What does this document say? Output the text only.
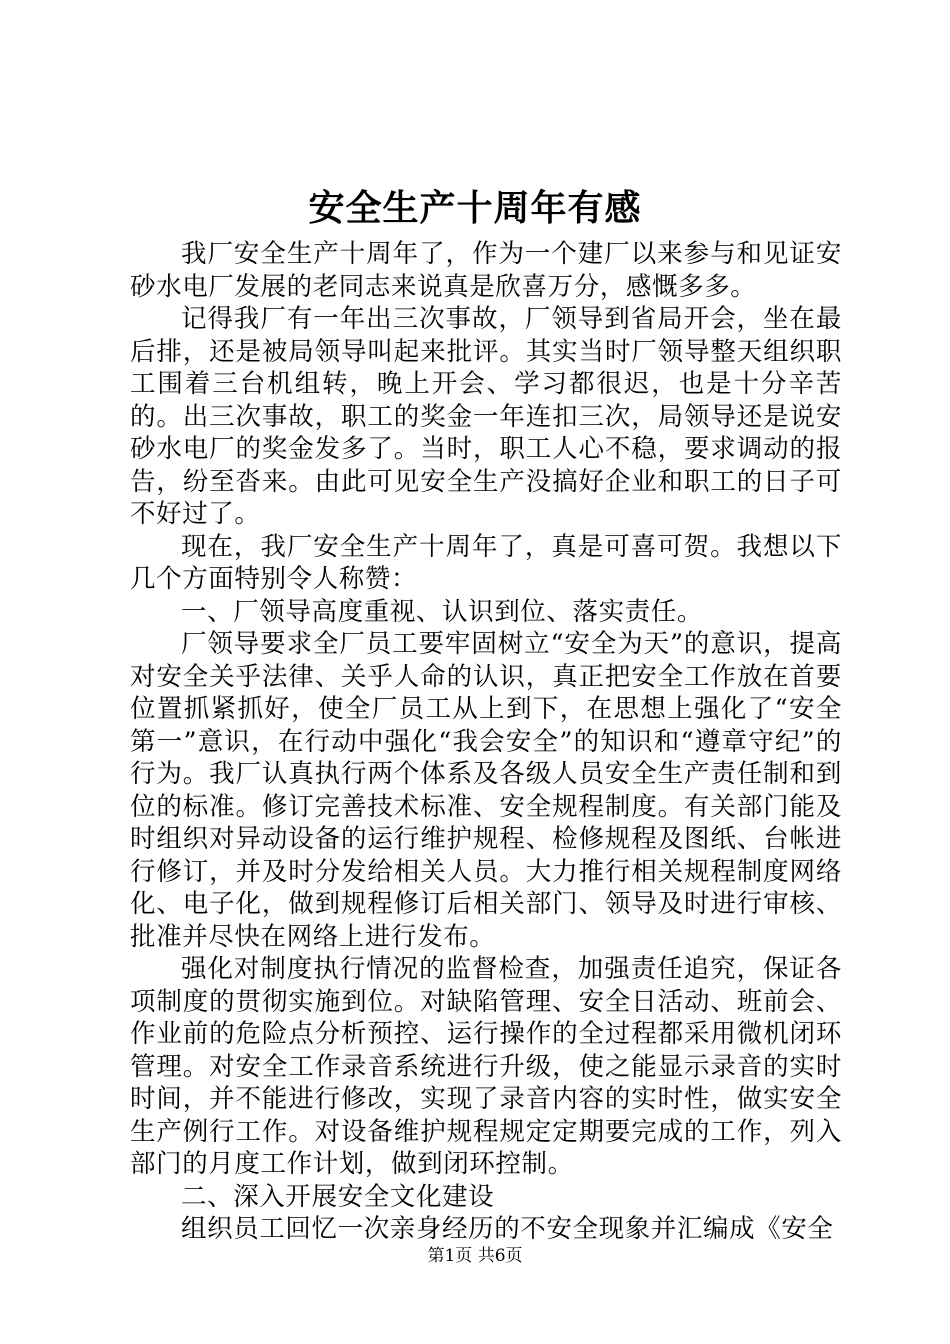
安全生产十周年有感

我厂安全生产十周年了，作为一个建厂以来参与和见证安砂水电厂发展的老同志来说真是欣喜万分，感慨多多。

记得我厂有一年出三次事故，厂领导到省局开会，坐在最后排，还是被局领导叫起来批评。其实当时厂领导整天组织职工围着三台机组转，晚上开会、学习都很迟，也是十分辛苦的。出三次事故，职工的奖金一年连扣三次，局领导还是说安砂水电厂的奖金发多了。当时，职工人心不稳，要求调动的报告，纷至沓来。由此可见安全生产没搞好企业和职工的日子可不好过了。

现在，我厂安全生产十周年了，真是可喜可贺。我想以下几个方面特别令人称赞：

一、厂领导高度重视、认识到位、落实责任。

厂领导要求全厂员工要牢固树立“安全为天”的意识，提高对安全关乎法律、关乎人命的认识，真正把安全工作放在首要位置抓紧抓好，使全厂员工从上到下，在思想上强化了“安全第一”意识，在行动中强化“我会安全”的知识和“遵章守纪”的行为。我厂认真执行两个体系及各级人员安全生产责任制和到位的标准。修订完善技术标准、安全规程制度。有关部门能及时组织对异动设备的运行维护规程、检修规程及图纸、台帐进行修订，并及时分发给相关人员。大力推行相关规程制度网络化、电子化，做到规程修订后相关部门、领导及时进行审核、批准并尽快在网络上进行发布。

强化对制度执行情况的监督检查，加强责任追究，保证各项制度的贯彻实施到位。对缺陷管理、安全日活动、班前会、作业前的危险点分析预控、运行操作的全过程都采用微机闭环管理。对安全工作录音系统进行升级，使之能显示录音的实时时间，并不能进行修改，实现了录音内容的实时性，做实安全生产例行工作。对设备维护规程规定定期要完成的工作，列入部门的月度工作计划，做到闭环控制。

二、深入开展安全文化建设

组织员工回忆一次亲身经历的不安全现象并汇编成《安全

第1页 共6页
